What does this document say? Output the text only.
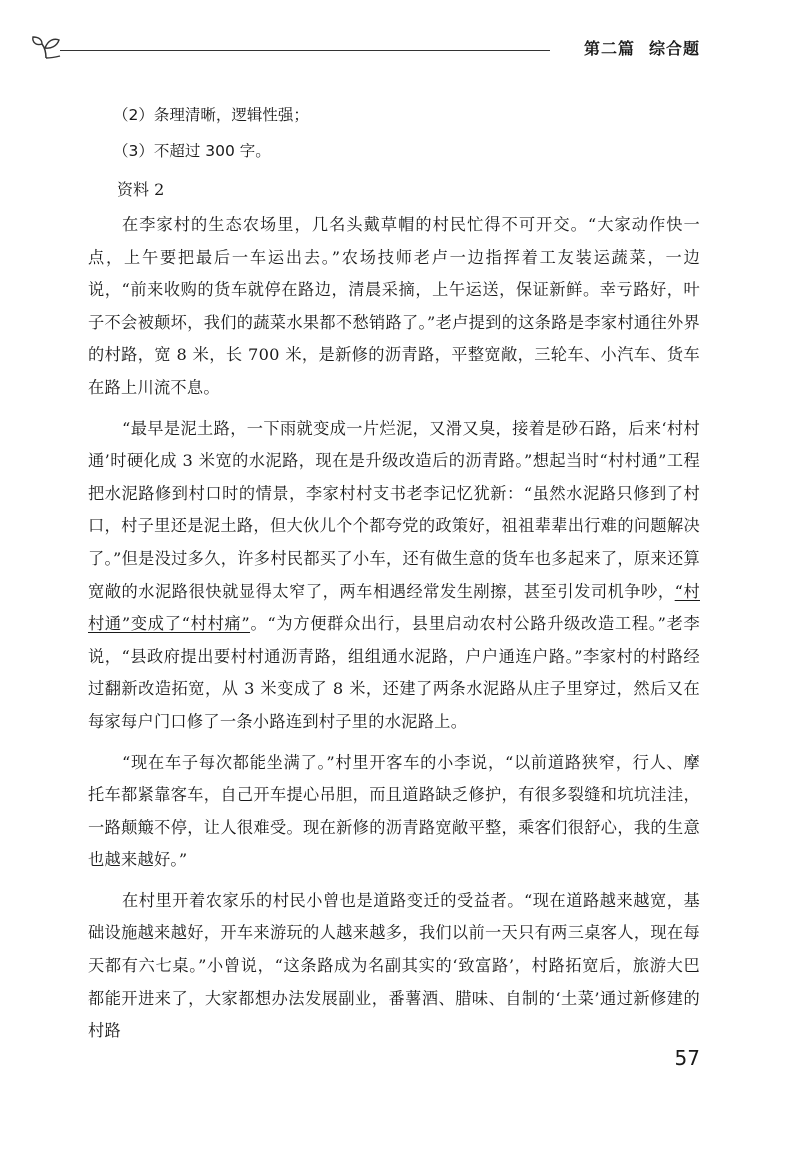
第二篇 综合题
（2）条理清晰，逻辑性强；
（3）不超过 300 字。
资料 2

在李家村的生态农场里，几名头戴草帽的村民忙得不可开交。“大家动作快一点，上午要把最后一车运出去。”农场技师老卢一边指挥着工友装运蔬菜，一边说，“前来收购的货车就停在路边，清晨采摘，上午运送，保证新鲜。幸亏路好，叶子不会被颠坏，我们的蔬菜水果都不愁销路了。”老卢提到的这条路是李家村通往外界的村路，宽 8 米，长 700 米，是新修的沥青路，平整宽敞，三轮车、小汽车、货车在路上川流不息。

“最早是泥土路，一下雨就变成一片烂泥，又滑又臭，接着是砂石路，后来‘村村通’时硬化成 3 米宽的水泥路，现在是升级改造后的沥青路。”想起当时“村村通”工程把水泥路修到村口时的情景，李家村村支书老李记忆犹新：“虽然水泥路只修到了村口，村子里还是泥土路，但大伙儿个个都夸党的政策好，祖祖辈辈出行难的问题解决了。”但是没过多久，许多村民都买了小车，还有做生意的货车也多起来了，原来还算宽敞的水泥路很快就显得太窄了，两车相遇经常发生剐擦，甚至引发司机争吵，“村村通”变成了“村村痛”。“为方便群众出行，县里启动农村公路升级改造工程。”老李说，“县政府提出要村村通沥青路，组组通水泥路，户户通连户路。”李家村的村路经过翻新改造拓宽，从 3 米变成了 8 米，还建了两条水泥路从庄子里穿过，然后又在每家每户门口修了一条小路连到村子里的水泥路上。

“现在车子每次都能坐满了。”村里开客车的小李说，“以前道路狭窄，行人、摩托车都紧靠客车，自己开车提心吊胆，而且道路缺乏修护，有很多裂缝和坑坑洼洼，一路颠簸不停，让人很难受。现在新修的沥青路宽敞平整，乘客们很舒心，我的生意也越来越好。”

在村里开着农家乐的村民小曾也是道路变迁的受益者。“现在道路越来越宽，基础设施越来越好，开车来游玩的人越来越多，我们以前一天只有两三桌客人，现在每天都有六七桌。”小曾说，“这条路成为名副其实的‘致富路’，村路拓宽后，旅游大巴都能开进来了，大家都想办法发展副业，番薯酒、腊味、自制的‘土菜’通过新修建的村路

57
